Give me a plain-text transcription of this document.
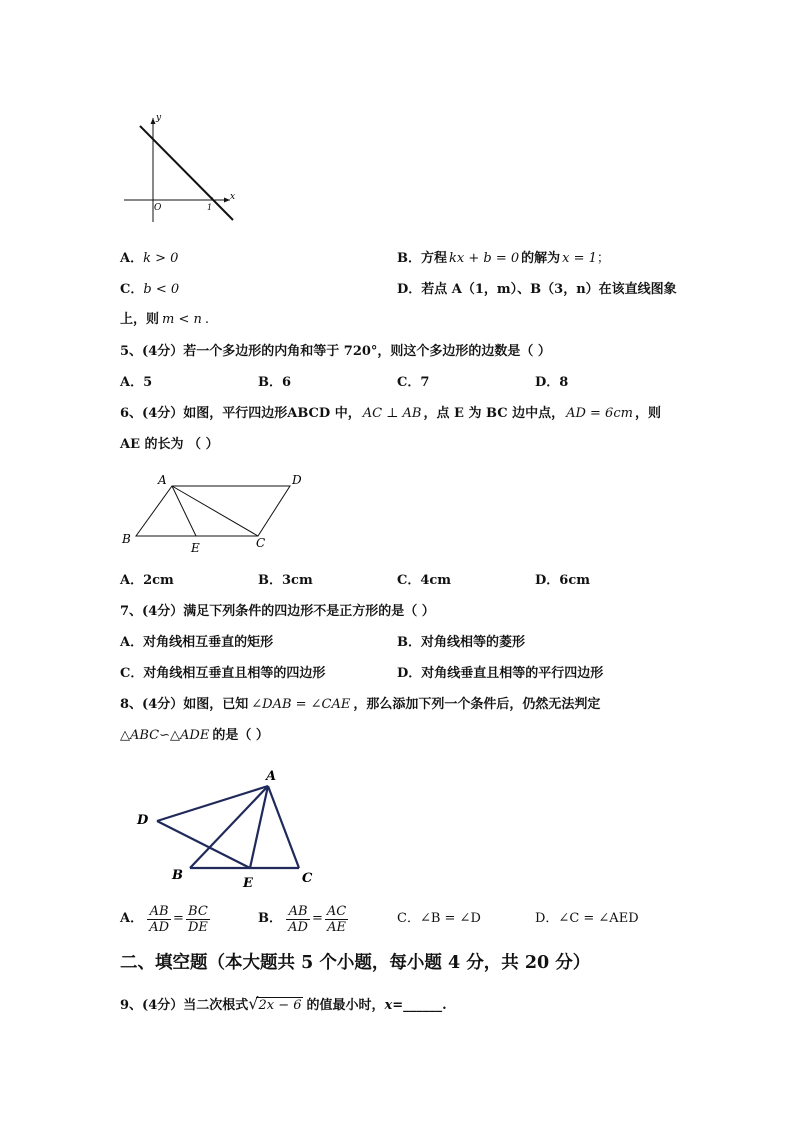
y
x
O	1
A．k > 0	B．方程 kx + b = 0 的解为 x = 1；
C．b < 0	D．若点 A（1，m）、B（3，n）在该直线图象
上，则 m < n .
5、(4分）若一个多边形的内角和等于 720°，则这个多边形的边数是（ ）
A．5	B．6	C．7	D．8
6、(4分）如图，平行四边形ABCD 中， AC ⊥ AB ，点 E 为 BC 边中点， AD = 6cm ，则
AE 的长为 （ ）
A	D
B
E	C
A．2cm	B．3cm	C．4cm	D．6cm
7、(4分）满足下列条件的四边形不是正方形的是（ ）
A．对角线相互垂直的矩形	B．对角线相等的菱形
C．对角线相互垂直且相等的四边形	D．对角线垂直且相等的平行四边形
8、(4分）如图，已知 ∠DAB = ∠CAE ，那么添加下列一个条件后，仍然无法判定
△ABC∽△ADE 的是（ ）
A
D
B
E	C
A． $\frac{AB}{AD} = \frac{BC}{DE}$	B． $\frac{AB}{AD} = \frac{AC}{AE}$	C．∠B = ∠D	D．∠C = ∠AED
二、填空题（本大题共 5 个小题，每小题 4 分，共 20 分）
9、(4分）当二次根式√2x − 6 的值最小时，x=______.
